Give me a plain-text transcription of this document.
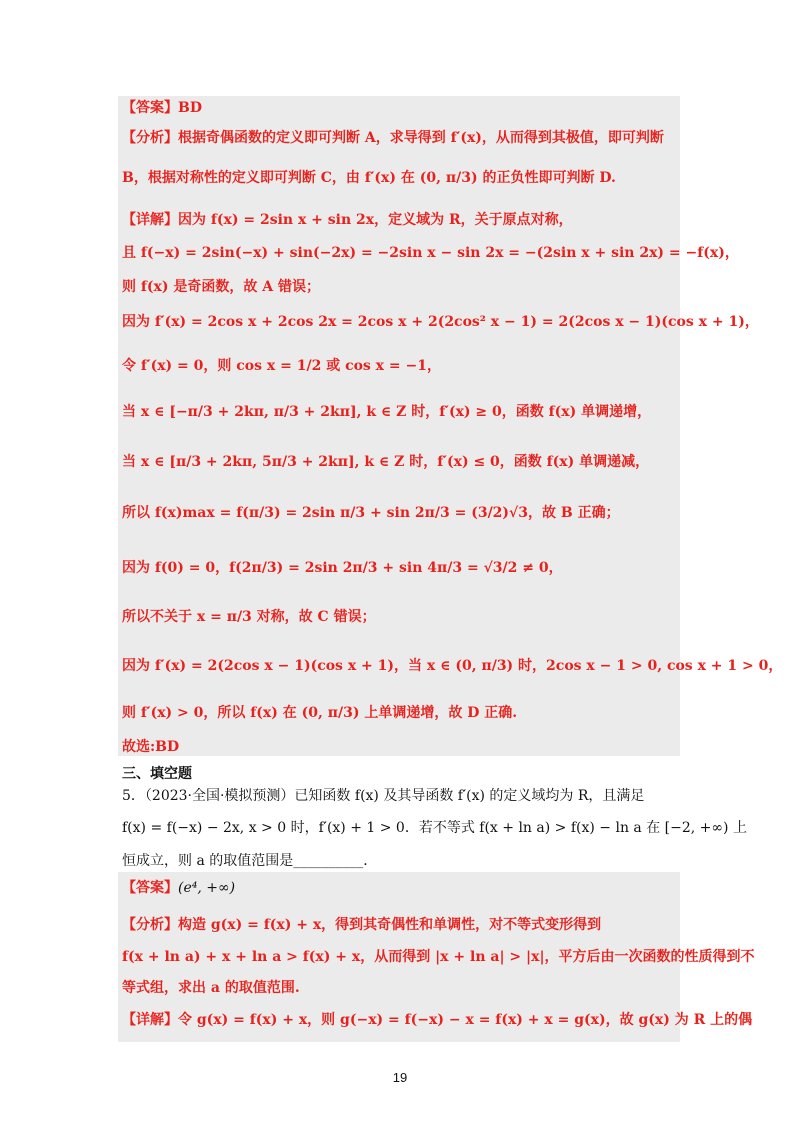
【答案】BD
【分析】根据奇偶函数的定义即可判断 A，求导得到 f′(x)，从而得到其极值，即可判断
B，根据对称性的定义即可判断 C，由 f′(x) 在 (0, π/3) 的正负性即可判断 D.
【详解】因为 f(x) = 2sin x + sin 2x，定义域为 R，关于原点对称，
且 f(−x) = 2sin(−x) + sin(−2x) = −2sin x − sin 2x = −(2sin x + sin 2x) = −f(x)，
则 f(x) 是奇函数，故 A 错误；
因为 f′(x) = 2cos x + 2cos 2x = 2cos x + 2(2cos² x − 1) = 2(2cos x − 1)(cos x + 1)，
令 f′(x) = 0，则 cos x = 1/2 或 cos x = −1，
当 x ∈ [−π/3 + 2kπ, π/3 + 2kπ], k ∈ Z 时，f′(x) ≥ 0，函数 f(x) 单调递增，
当 x ∈ [π/3 + 2kπ, 5π/3 + 2kπ], k ∈ Z 时，f′(x) ≤ 0，函数 f(x) 单调递减，
所以 f(x)max = f(π/3) = 2sin π/3 + sin 2π/3 = (3/2)√3，故 B 正确；
因为 f(0) = 0，f(2π/3) = 2sin 2π/3 + sin 4π/3 = √3/2 ≠ 0，
所以不关于 x = π/3 对称，故 C 错误；
因为 f′(x) = 2(2cos x − 1)(cos x + 1)，当 x ∈ (0, π/3) 时，2cos x − 1 > 0, cos x + 1 > 0，
则 f′(x) > 0，所以 f(x) 在 (0, π/3) 上单调递增，故 D 正确.
故选:BD
三、填空题
5．（2023·全国·模拟预测）已知函数 f(x) 及其导函数 f′(x) 的定义域均为 R，且满足
f(x) = f(−x) − 2x, x > 0 时，f′(x) + 1 > 0．若不等式 f(x + ln a) > f(x) − ln a 在 [−2, +∞) 上
恒成立，则 a 的取值范围是__________．
【答案】(e⁴, +∞)
【分析】构造 g(x) = f(x) + x，得到其奇偶性和单调性，对不等式变形得到
f(x + ln a) + x + ln a > f(x) + x，从而得到 |x + ln a| > |x|，平方后由一次函数的性质得到不
等式组，求出 a 的取值范围.
【详解】令 g(x) = f(x) + x，则 g(−x) = f(−x) − x = f(x) + x = g(x)，故 g(x) 为 R 上的偶
19
